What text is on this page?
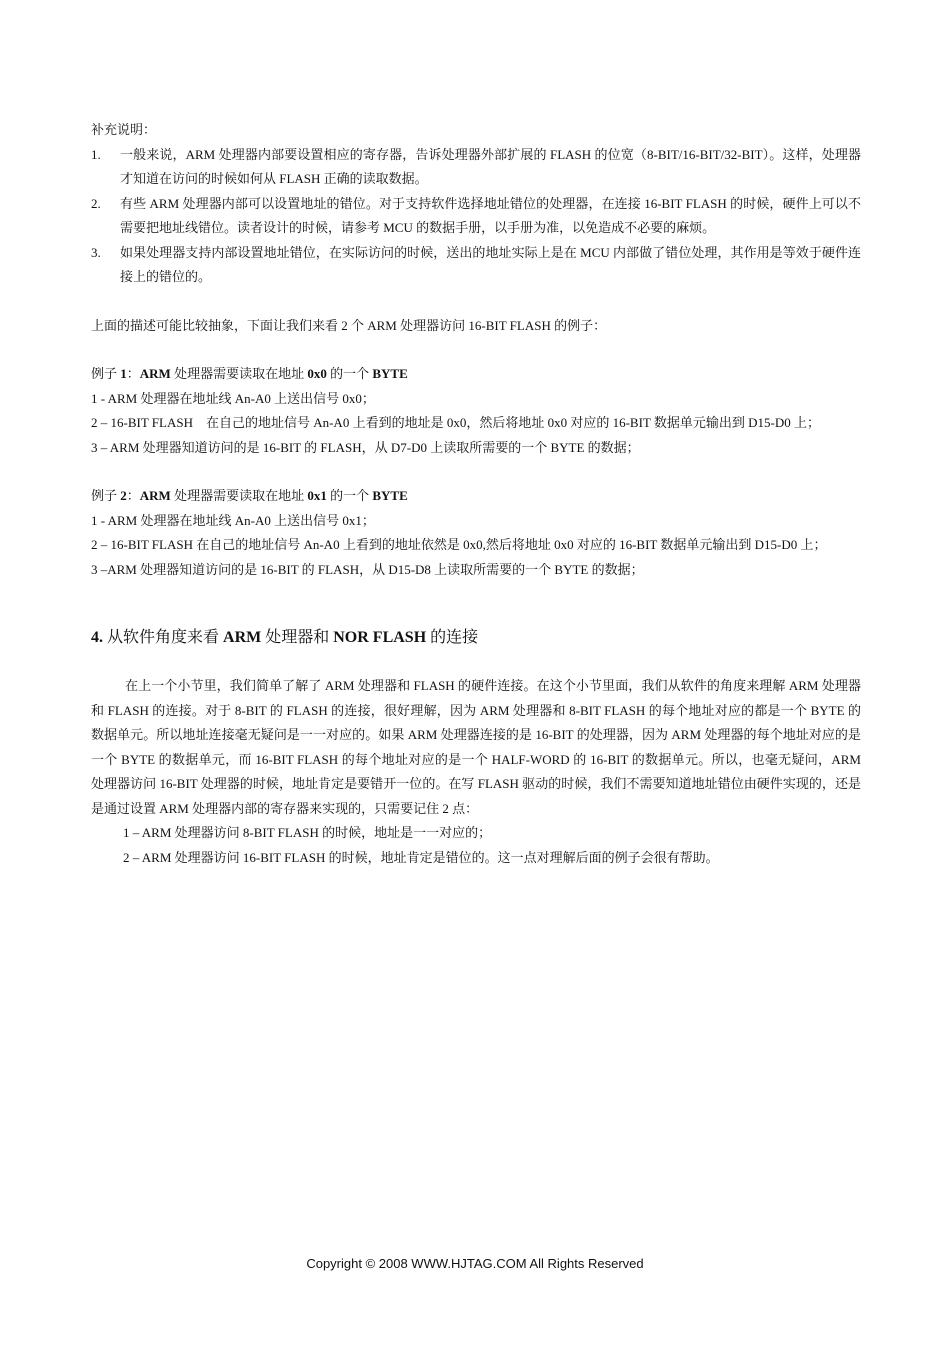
补充说明：

1. 一般来说，ARM 处理器内部要设置相应的寄存器，告诉处理器外部扩展的 FLASH 的位宽（8-BIT/16-BIT/32-BIT）。这样，处理器才知道在访问的时候如何从 FLASH 正确的读取数据。
2. 有些 ARM 处理器内部可以设置地址的错位。对于支持软件选择地址错位的处理器，在连接 16-BIT FLASH 的时候，硬件上可以不需要把地址线错位。读者设计的时候，请参考 MCU 的数据手册，以手册为准，以免造成不必要的麻烦。
3. 如果处理器支持内部设置地址错位，在实际访问的时候，送出的地址实际上是在 MCU 内部做了错位处理，其作用是等效于硬件连接上的错位的。

上面的描述可能比较抽象，下面让我们来看 2 个 ARM 处理器访问 16-BIT FLASH 的例子：

例子 1：ARM 处理器需要读取在地址 0x0 的一个 BYTE

1 - ARM 处理器在地址线 An-A0 上送出信号 0x0；

2 – 16-BIT FLASH　在自己的地址信号 An-A0 上看到的地址是 0x0，然后将地址 0x0 对应的 16-BIT 数据单元输出到 D15-D0 上；

3 – ARM 处理器知道访问的是 16-BIT 的 FLASH，从 D7-D0 上读取所需要的一个 BYTE 的数据；

例子 2：ARM 处理器需要读取在地址 0x1 的一个 BYTE

1 - ARM 处理器在地址线 An-A0 上送出信号 0x1；

2 – 16-BIT FLASH 在自己的地址信号 An-A0 上看到的地址依然是 0x0,然后将地址 0x0 对应的 16-BIT 数据单元输出到 D15-D0 上；

3 –ARM 处理器知道访问的是 16-BIT 的 FLASH，从 D15-D8 上读取所需要的一个 BYTE 的数据；

4. 从软件角度来看 ARM 处理器和 NOR FLASH 的连接

在上一个小节里，我们简单了解了 ARM 处理器和 FLASH 的硬件连接。在这个小节里面，我们从软件的角度来理解 ARM 处理器和 FLASH 的连接。对于 8-BIT 的 FLASH 的连接，很好理解，因为 ARM 处理器和 8-BIT FLASH 的每个地址对应的都是一个 BYTE 的数据单元。所以地址连接毫无疑问是一一对应的。如果 ARM 处理器连接的是 16-BIT 的处理器，因为 ARM 处理器的每个地址对应的是一个 BYTE 的数据单元，而 16-BIT FLASH 的每个地址对应的是一个 HALF-WORD 的 16-BIT 的数据单元。所以，也毫无疑问，ARM 处理器访问 16-BIT 处理器的时候，地址肯定是要错开一位的。在写 FLASH 驱动的时候，我们不需要知道地址错位由硬件实现的，还是是通过设置 ARM 处理器内部的寄存器来实现的，只需要记住 2 点：

1 – ARM 处理器访问 8-BIT FLASH 的时候，地址是一一对应的；

2 – ARM 处理器访问 16-BIT FLASH 的时候，地址肯定是错位的。这一点对理解后面的例子会很有帮助。

Copyright © 2008 WWW.HJTAG.COM All Rights Reserved
